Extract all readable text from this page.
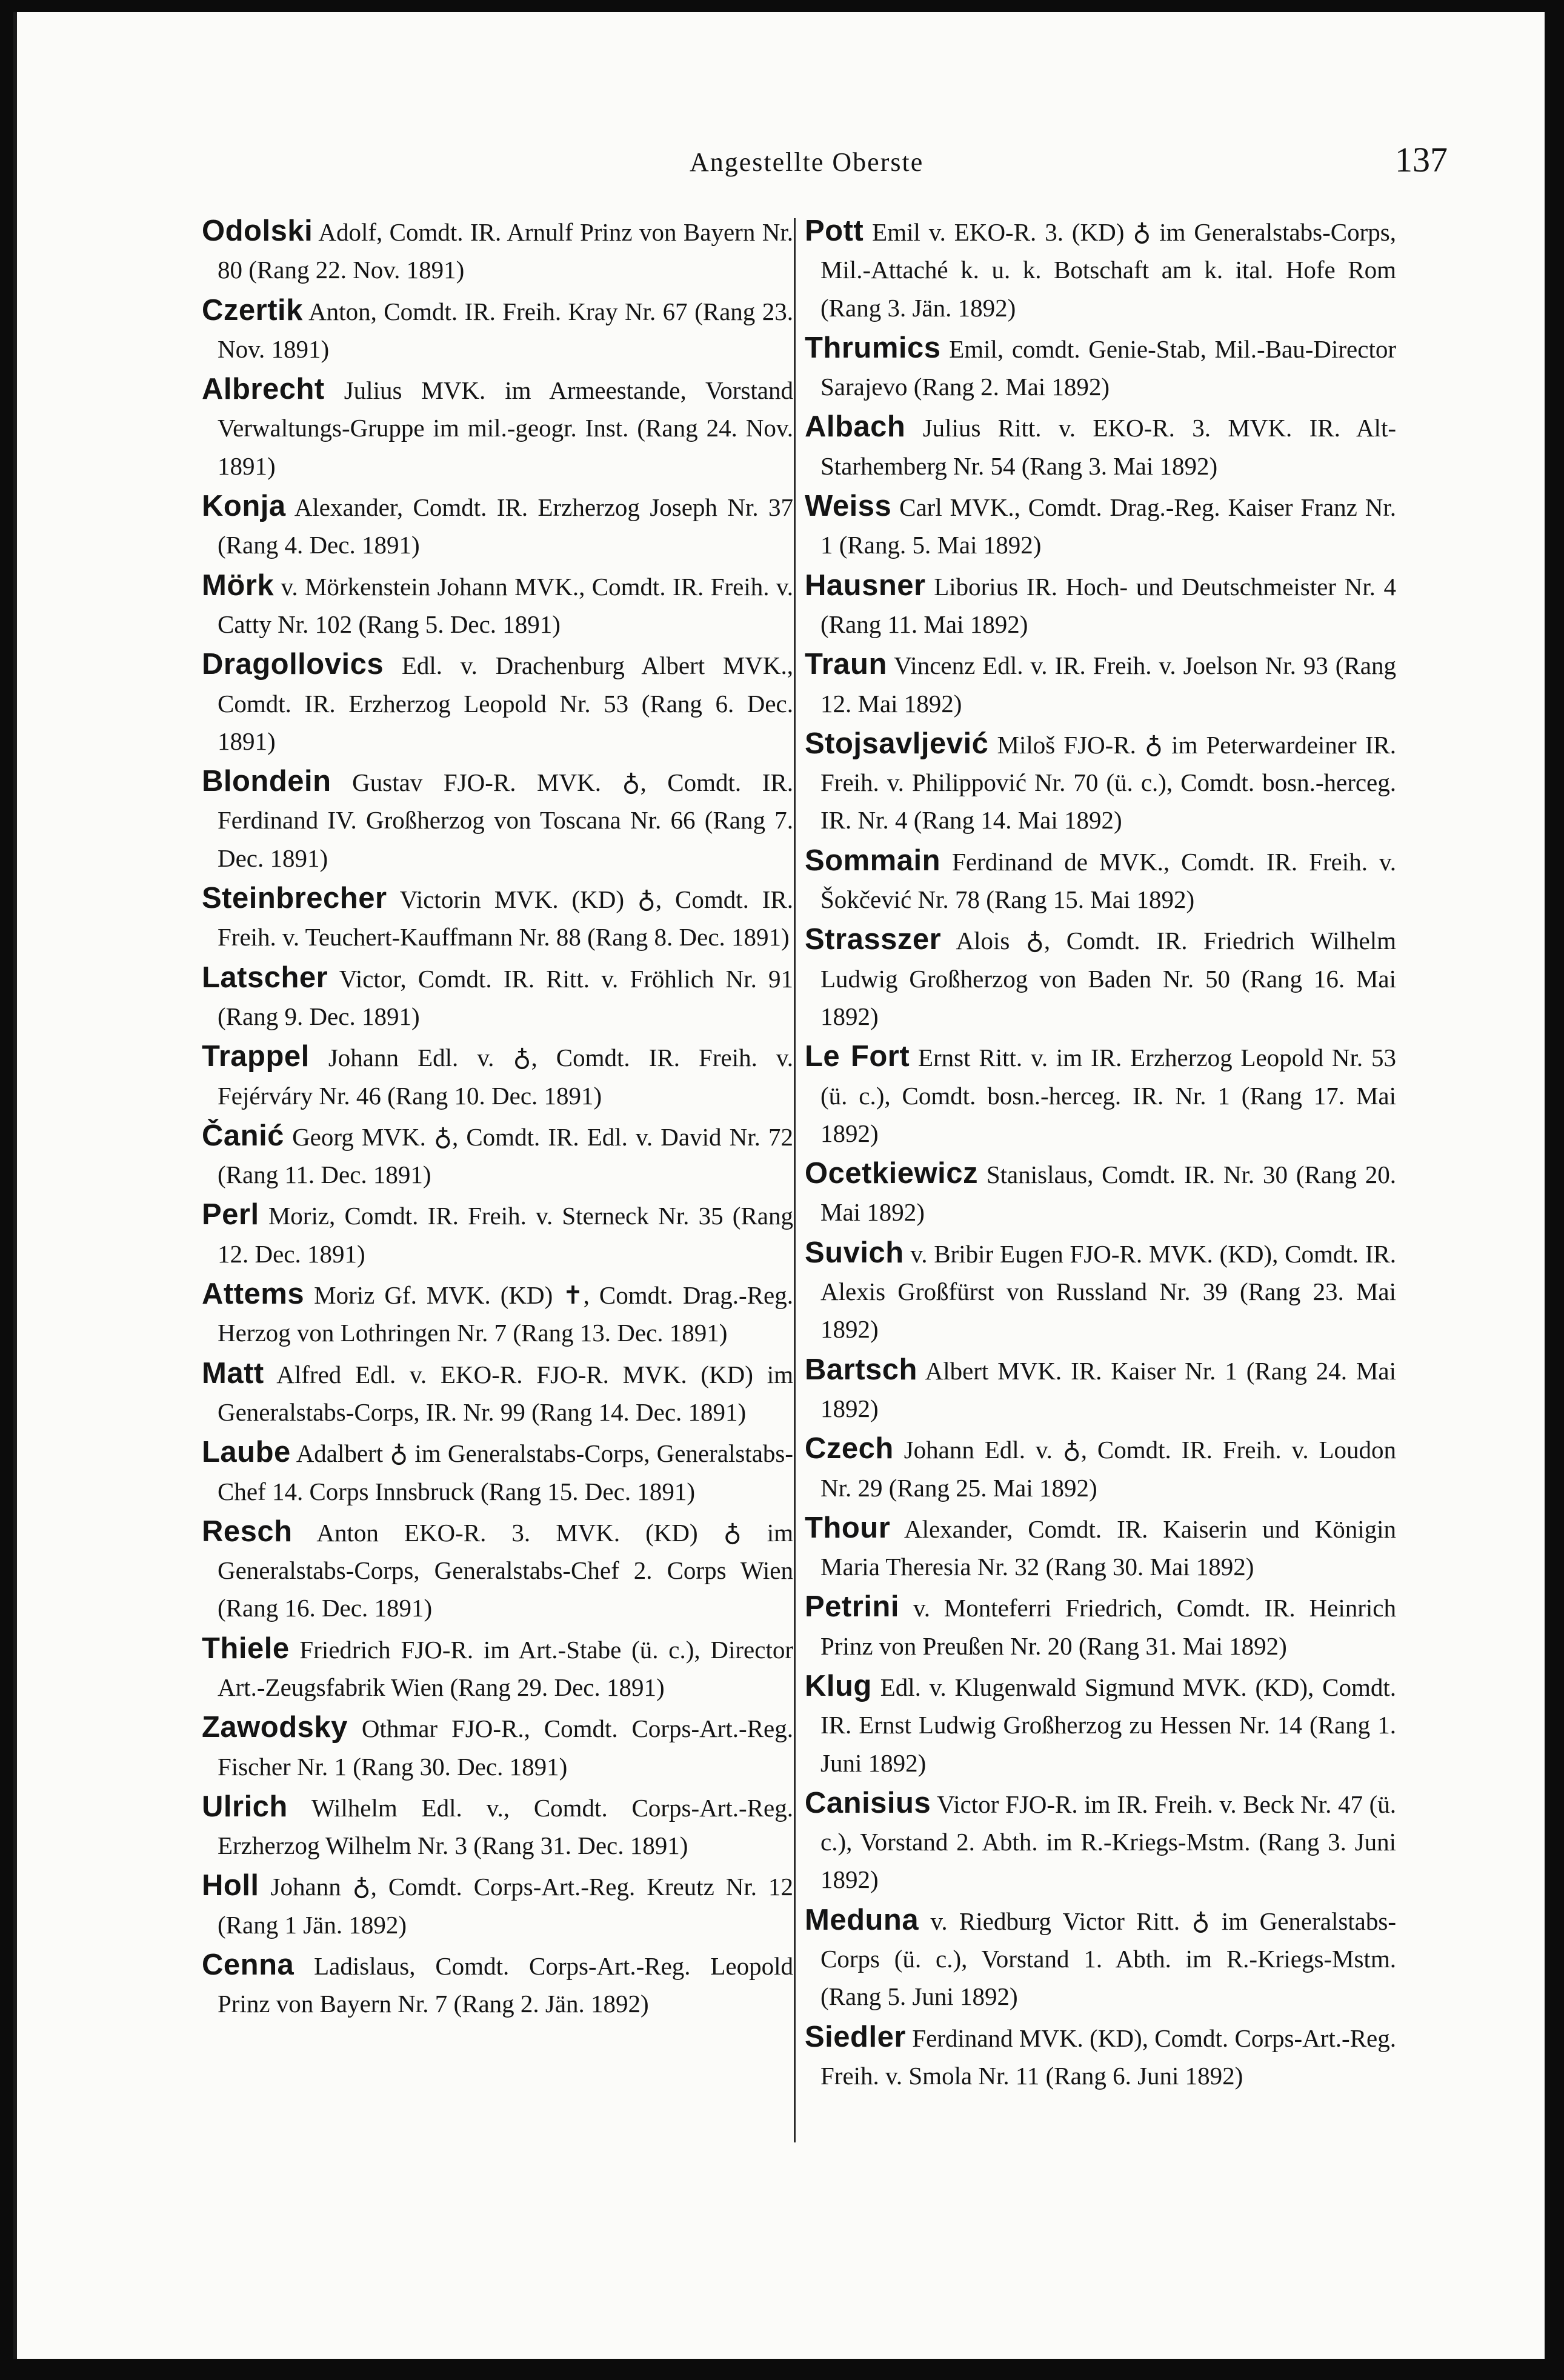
Angestellte Oberste	137

Odolski Adolf, Comdt. IR. Arnulf Prinz von Bayern Nr. 80 (Rang 22. Nov. 1891)

Czertik Anton, Comdt. IR. Freih. Kray Nr. 67 (Rang 23. Nov. 1891)

Albrecht Julius MVK. im Armeestande, Vorstand Verwaltungs-Gruppe im mil.-geogr. Inst. (Rang 24. Nov. 1891)

Konja Alexander, Comdt. IR. Erzherzog Joseph Nr. 37 (Rang 4. Dec. 1891)

Mörk v. Mörkenstein Johann MVK., Comdt. IR. Freih. v. Catty Nr. 102 (Rang 5. Dec. 1891)

Dragollovics Edl. v. Drachenburg Albert MVK., Comdt. IR. Erzherzog Leopold Nr. 53 (Rang 6. Dec. 1891)

Blondein Gustav FJO-R. MVK. ♁, Comdt. IR. Ferdinand IV. Großherzog von Toscana Nr. 66 (Rang 7. Dec. 1891)

Steinbrecher Victorin MVK. (KD) ♁, Comdt. IR. Freih. v. Teuchert-Kauffmann Nr. 88 (Rang 8. Dec. 1891)

Latscher Victor, Comdt. IR. Ritt. v. Fröhlich Nr. 91 (Rang 9. Dec. 1891)

Trappel Johann Edl. v. ♁, Comdt. IR. Freih. v. Fejérváry Nr. 46 (Rang 10. Dec. 1891)

Čanić Georg MVK. ♁, Comdt. IR. Edl. v. David Nr. 72 (Rang 11. Dec. 1891)

Perl Moriz, Comdt. IR. Freih. v. Sterneck Nr. 35 (Rang 12. Dec. 1891)

Attems Moriz Gf. MVK. (KD) ✝, Comdt. Drag.-Reg. Herzog von Lothringen Nr. 7 (Rang 13. Dec. 1891)

Matt Alfred Edl. v. EKO-R. FJO-R. MVK. (KD) im Generalstabs-Corps, IR. Nr. 99 (Rang 14. Dec. 1891)

Laube Adalbert ♁ im Generalstabs-Corps, Generalstabs-Chef 14. Corps Innsbruck (Rang 15. Dec. 1891)

Resch Anton EKO-R. 3. MVK. (KD) ♁ im Generalstabs-Corps, Generalstabs-Chef 2. Corps Wien (Rang 16. Dec. 1891)

Thiele Friedrich FJO-R. im Art.-Stabe (ü. c.), Director Art.-Zeugsfabrik Wien (Rang 29. Dec. 1891)

Zawodsky Othmar FJO-R., Comdt. Corps-Art.-Reg. Fischer Nr. 1 (Rang 30. Dec. 1891)

Ulrich Wilhelm Edl. v., Comdt. Corps-Art.-Reg. Erzherzog Wilhelm Nr. 3 (Rang 31. Dec. 1891)

Holl Johann ♁, Comdt. Corps-Art.-Reg. Kreutz Nr. 12 (Rang 1 Jän. 1892)

Cenna Ladislaus, Comdt. Corps-Art.-Reg. Leopold Prinz von Bayern Nr. 7 (Rang 2. Jän. 1892)

Pott Emil v. EKO-R. 3. (KD) ♁ im Generalstabs-Corps, Mil.-Attaché k. u. k. Botschaft am k. ital. Hofe Rom (Rang 3. Jän. 1892)

Thrumics Emil, comdt. Genie-Stab, Mil.-Bau-Director Sarajevo (Rang 2. Mai 1892)

Albach Julius Ritt. v. EKO-R. 3. MVK. IR. Alt-Starhemberg Nr. 54 (Rang 3. Mai 1892)

Weiss Carl MVK., Comdt. Drag.-Reg. Kaiser Franz Nr. 1 (Rang. 5. Mai 1892)

Hausner Liborius IR. Hoch- und Deutschmeister Nr. 4 (Rang 11. Mai 1892)

Traun Vincenz Edl. v. IR. Freih. v. Joelson Nr. 93 (Rang 12. Mai 1892)

Stojsavljević Miloš FJO-R. ♁ im Peterwardeiner IR. Freih. v. Philippović Nr. 70 (ü. c.), Comdt. bosn.-herceg. IR. Nr. 4 (Rang 14. Mai 1892)

Sommain Ferdinand de MVK., Comdt. IR. Freih. v. Šokčević Nr. 78 (Rang 15. Mai 1892)

Strasszer Alois ♁, Comdt. IR. Friedrich Wilhelm Ludwig Großherzog von Baden Nr. 50 (Rang 16. Mai 1892)

Le Fort Ernst Ritt. v. im IR. Erzherzog Leopold Nr. 53 (ü. c.), Comdt. bosn.-herceg. IR. Nr. 1 (Rang 17. Mai 1892)

Ocetkiewicz Stanislaus, Comdt. IR. Nr. 30 (Rang 20. Mai 1892)

Suvich v. Bribir Eugen FJO-R. MVK. (KD), Comdt. IR. Alexis Großfürst von Russland Nr. 39 (Rang 23. Mai 1892)

Bartsch Albert MVK. IR. Kaiser Nr. 1 (Rang 24. Mai 1892)

Czech Johann Edl. v. ♁, Comdt. IR. Freih. v. Loudon Nr. 29 (Rang 25. Mai 1892)

Thour Alexander, Comdt. IR. Kaiserin und Königin Maria Theresia Nr. 32 (Rang 30. Mai 1892)

Petrini v. Monteferri Friedrich, Comdt. IR. Heinrich Prinz von Preußen Nr. 20 (Rang 31. Mai 1892)

Klug Edl. v. Klugenwald Sigmund MVK. (KD), Comdt. IR. Ernst Ludwig Großherzog zu Hessen Nr. 14 (Rang 1. Juni 1892)

Canisius Victor FJO-R. im IR. Freih. v. Beck Nr. 47 (ü. c.), Vorstand 2. Abth. im R.-Kriegs-Mstm. (Rang 3. Juni 1892)

Meduna v. Riedburg Victor Ritt. ♁ im Generalstabs-Corps (ü. c.), Vorstand 1. Abth. im R.-Kriegs-Mstm. (Rang 5. Juni 1892)

Siedler Ferdinand MVK. (KD), Comdt. Corps-Art.-Reg. Freih. v. Smola Nr. 11 (Rang 6. Juni 1892)
